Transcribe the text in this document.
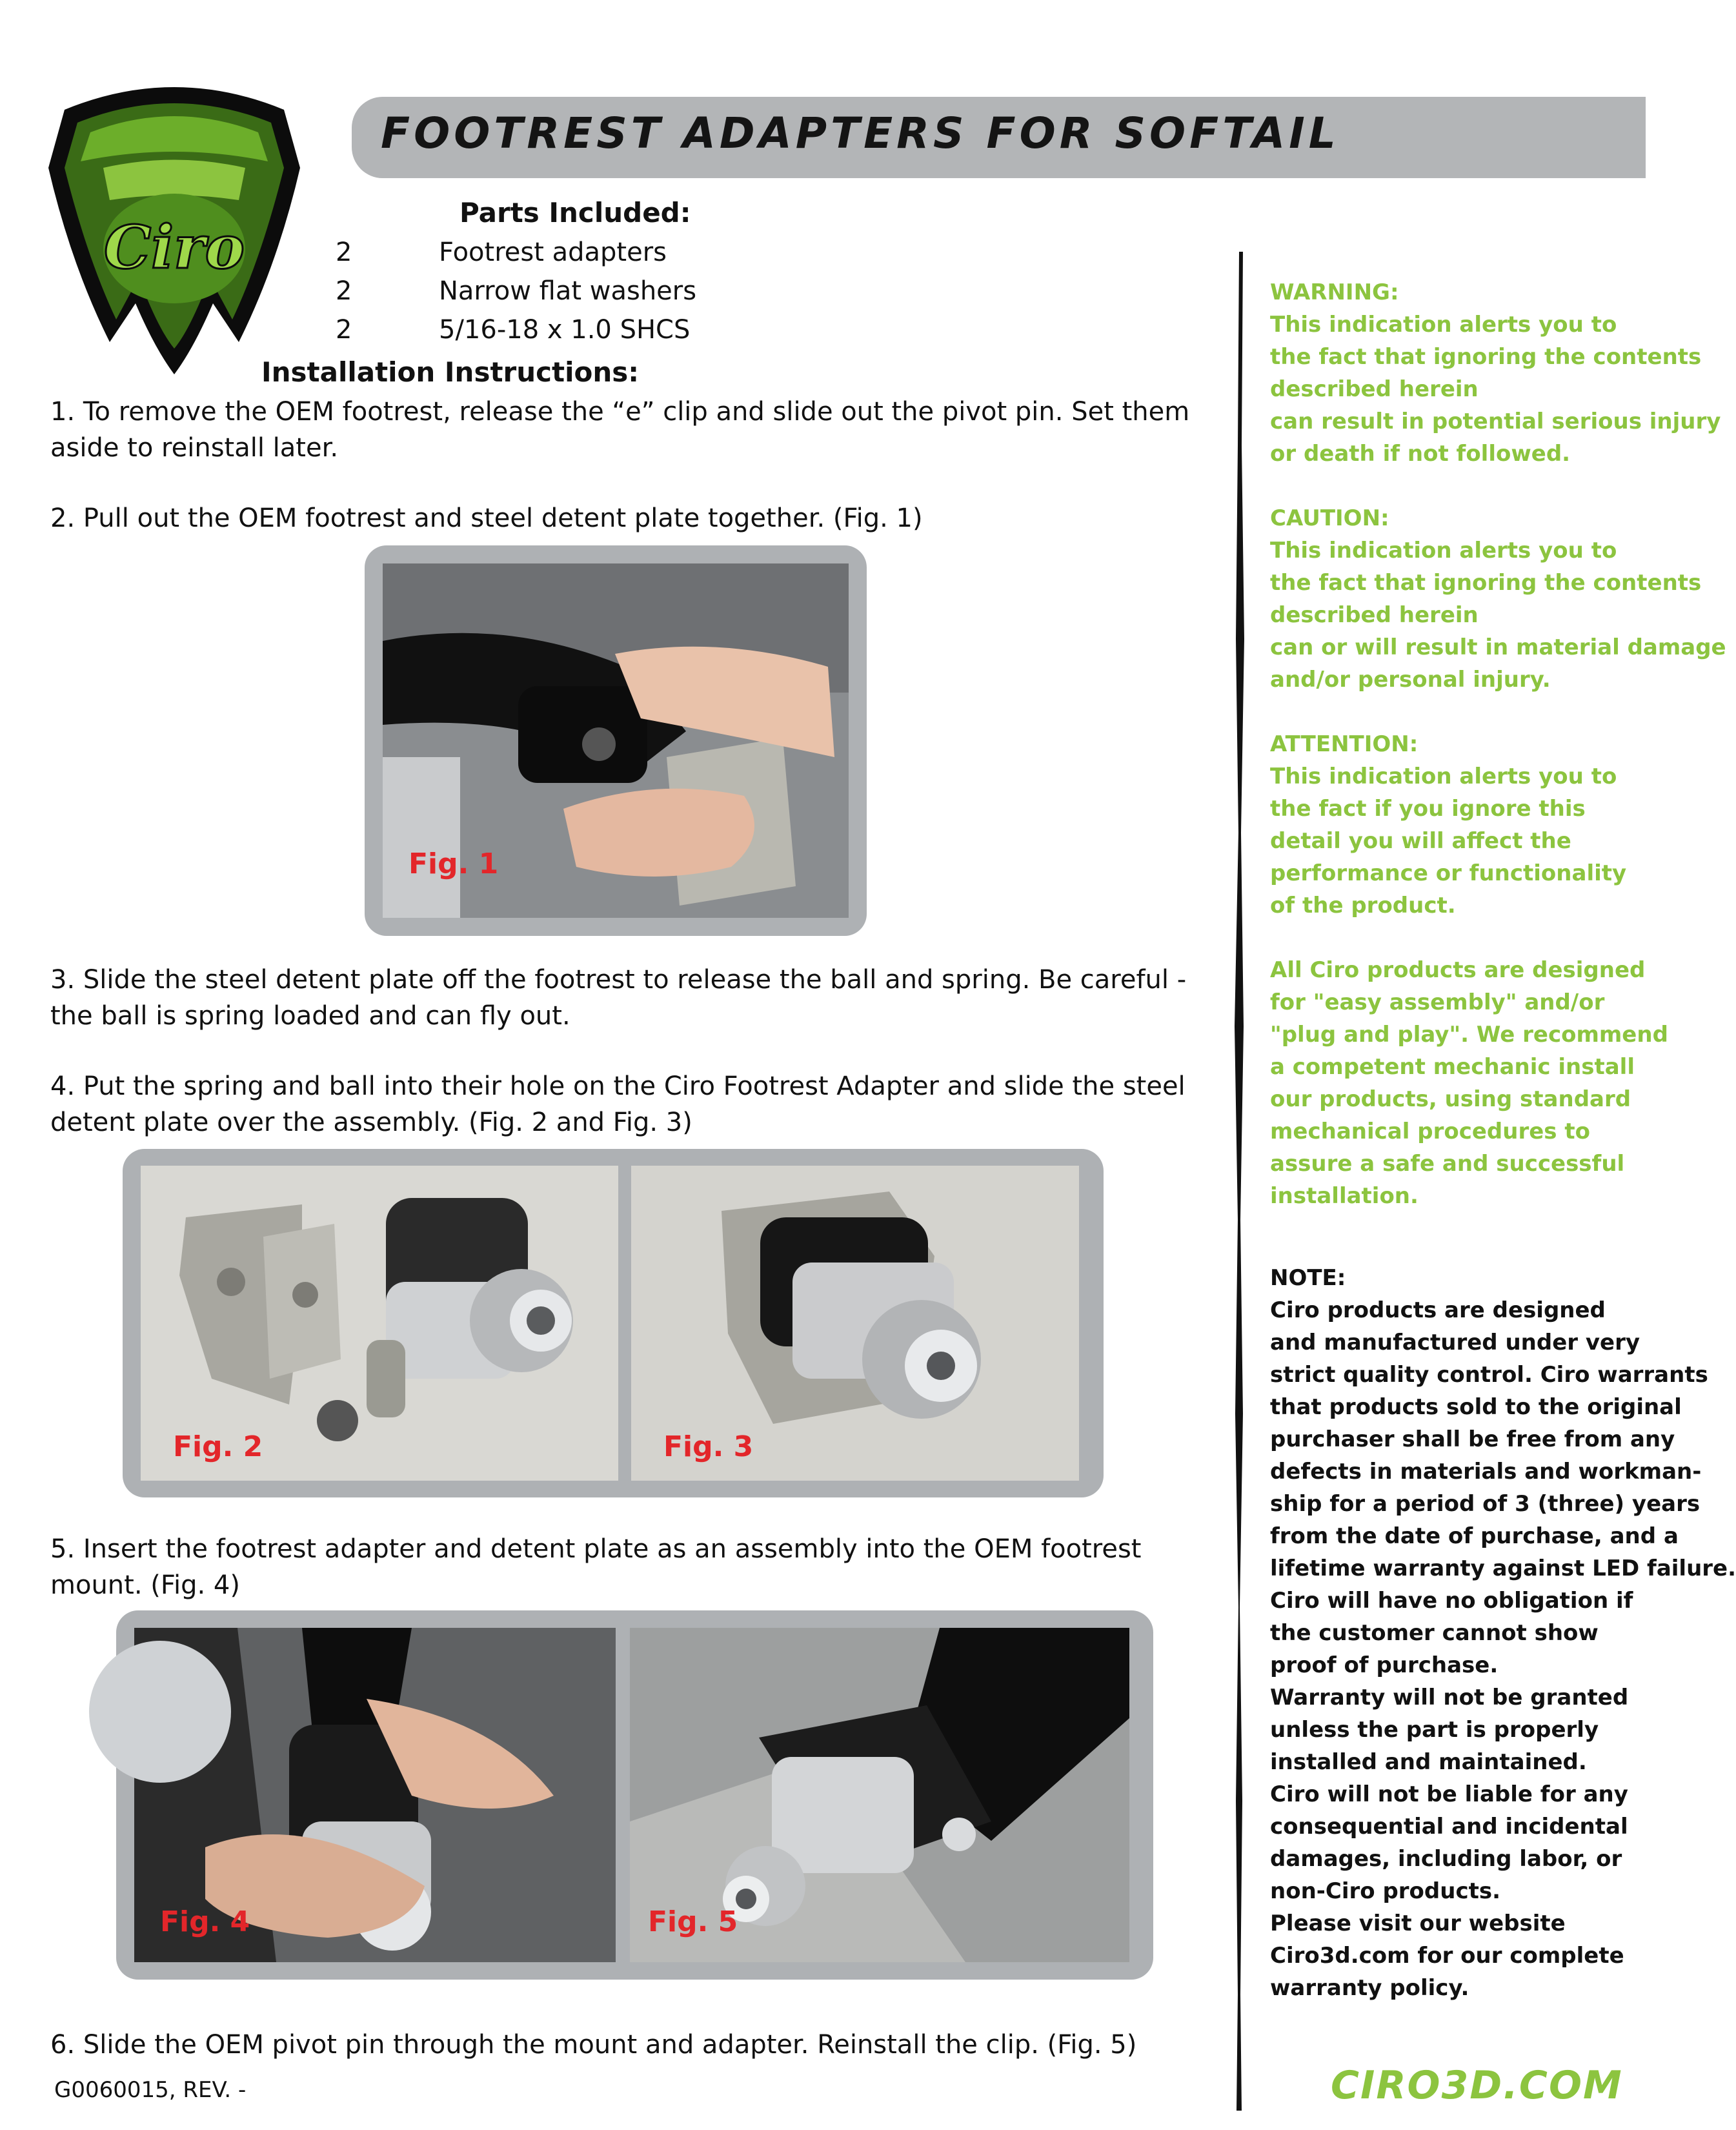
Ciro
FOOTREST ADAPTERS FOR SOFTAIL
Parts Included:
2	Footrest adapters
2	Narrow flat washers
2	5/16-18 x 1.0 SHCS
Installation Instructions:
1. To remove the OEM footrest, release the “e” clip and slide out the pivot pin. Set them aside to reinstall later.
2. Pull out the OEM footrest and steel detent plate together. (Fig. 1)
Fig. 1
3. Slide the steel detent plate off the footrest to release the ball and spring. Be careful - the ball is spring loaded and can fly out.
4. Put the spring and ball into their hole on the Ciro Footrest Adapter and slide the steel detent plate over the assembly. (Fig. 2 and Fig. 3)
Fig. 2	Fig. 3
5. Insert the footrest adapter and detent plate as an assembly into the OEM footrest mount. (Fig. 4)
Fig. 4	Fig. 5
6. Slide the OEM pivot pin through the mount and adapter. Reinstall the clip. (Fig. 5)
WARNING:
This indication alerts you to
the fact that ignoring the contents
described herein
can result in potential serious injury
or death if not followed.
CAUTION:
This indication alerts you to
the fact that ignoring the contents
described herein
can or will result in material damage
and/or personal injury.
ATTENTION:
This indication alerts you to
the fact if you ignore this
detail you will affect the
performance or functionality
of the product.
All Ciro products are designed
for "easy assembly" and/or
"plug and play". We recommend
a competent mechanic install
our products, using standard
mechanical procedures to
assure a safe and successful
installation.
NOTE:
Ciro products are designed
and manufactured under very
strict quality control. Ciro warrants
that products sold to the original
purchaser shall be free from any
defects in materials and workman-
ship for a period of 3 (three) years
from the date of purchase, and a
lifetime warranty against LED failure.
Ciro will have no obligation if
the customer cannot show
proof of purchase.
Warranty will not be granted
unless the part is properly
installed and maintained.
Ciro will not be liable for any
consequential and incidental
damages, including labor, or
non-Ciro products.
Please visit our website
Ciro3d.com for our complete
warranty policy.
G0060015, REV. -	CIRO3D.COM
